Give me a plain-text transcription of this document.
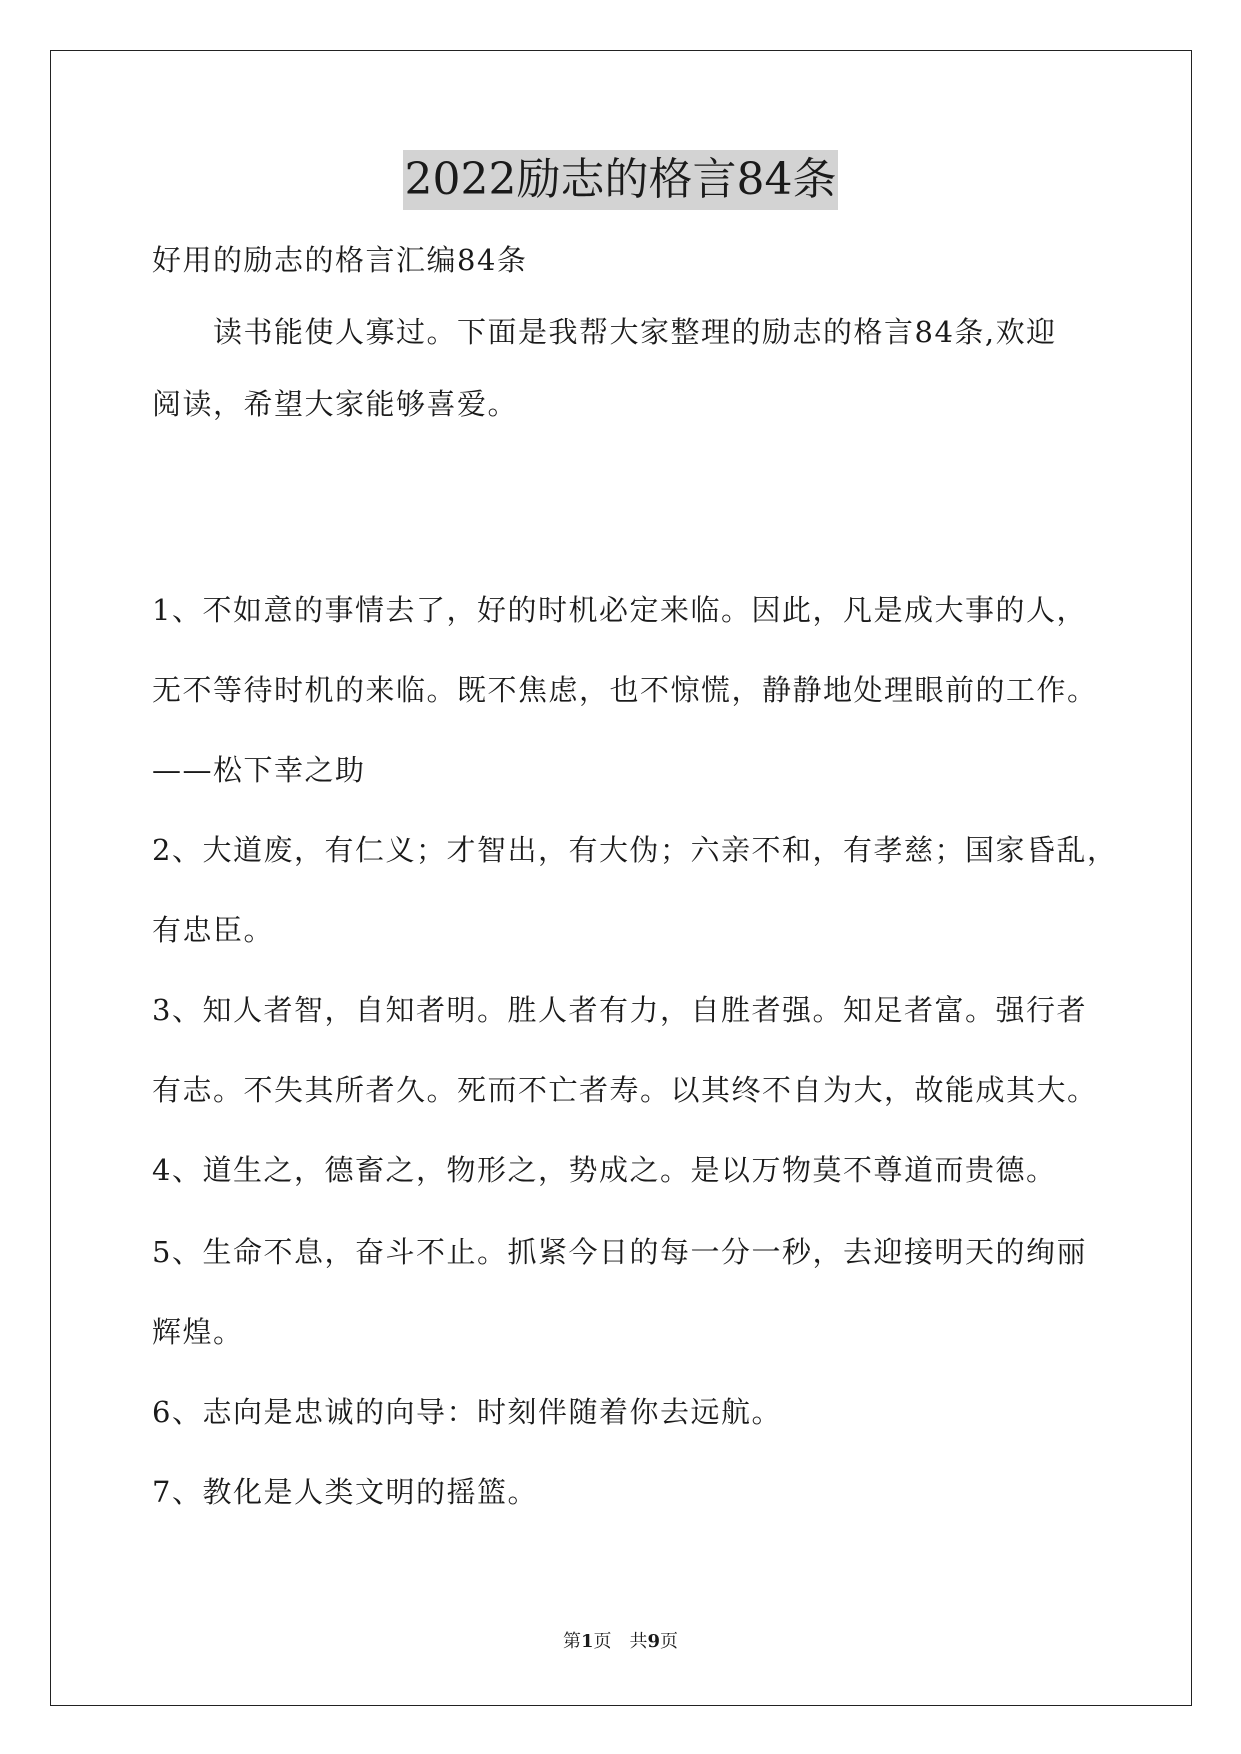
2022励志的格言84条
好用的励志的格言汇编84条
　　读书能使人寡过。下面是我帮大家整理的励志的格言84条,欢迎
阅读，希望大家能够喜爱。
1、不如意的事情去了，好的时机必定来临。因此，凡是成大事的人，
无不等待时机的来临。既不焦虑，也不惊慌，静静地处理眼前的工作。
——松下幸之助
2、大道废，有仁义；才智出，有大伪；六亲不和，有孝慈；国家昏乱，
有忠臣。
3、知人者智，自知者明。胜人者有力，自胜者强。知足者富。强行者
有志。不失其所者久。死而不亡者寿。以其终不自为大，故能成其大。
4、道生之，德畜之，物形之，势成之。是以万物莫不尊道而贵德。
5、生命不息，奋斗不止。抓紧今日的每一分一秒，去迎接明天的绚丽
辉煌。
6、志向是忠诚的向导：时刻伴随着你去远航。
7、教化是人类文明的摇篮。
第1页　共9页
